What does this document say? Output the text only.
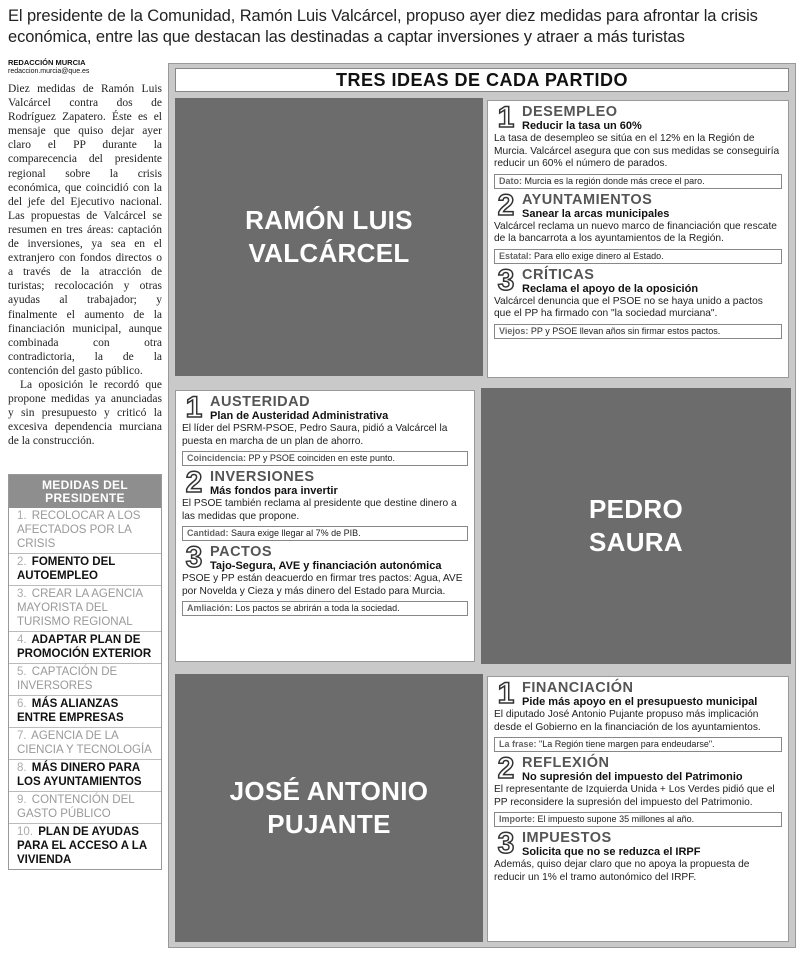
El presidente de la Comunidad, Ramón Luis Valcárcel, propuso ayer diez medidas para afrontar la crisis económica, entre las que destacan las destinadas a captar inversiones y atraer a más turistas
REDACCIÓN MURCIA
redaccion.murcia@que.es

Diez medidas de Ramón Luis Valcárcel contra dos de Rodríguez Zapatero. Éste es el mensaje que quiso dejar ayer claro el PP durante la comparecencia del presidente regional sobre la crisis económica, que coincidió con la del jefe del Ejecutivo nacional. Las propuestas de Valcárcel se resumen en tres áreas: captación de inversiones, ya sea en el extranjero con fondos directos o a través de la atracción de turistas; recolocación y otras ayudas al trabajador; y finalmente el aumento de la financiación municipal, aunque combinada con otra contradictoria, la de la contención del gasto público.

La oposición le recordó que propone medidas ya anunciadas y sin presupuesto y criticó la excesiva dependencia murciana de la construcción.

MEDIDAS DEL PRESIDENTE
1. RECOLOCAR A LOS AFECTADOS POR LA CRISIS
2. FOMENTO DEL AUTOEMPLEO
3. CREAR LA AGENCIA MAYORISTA DEL TURISMO REGIONAL
4. ADAPTAR PLAN DE PROMOCIÓN EXTERIOR
5. CAPTACIÓN DE INVERSORES
6. MÁS ALIANZAS ENTRE EMPRESAS
7. AGENCIA DE LA CIENCIA Y TECNOLOGÍA
8. MÁS DINERO PARA LOS AYUNTAMIENTOS
9. CONTENCIÓN DEL GASTO PÚBLICO
10. PLAN DE AYUDAS PARA EL ACCESO A LA VIVIENDA
TRES IDEAS DE CADA PARTIDO
RAMÓN LUIS
VALCÁRCEL
1 DESEMPLEO
Reducir la tasa un 60%
La tasa de desempleo se sitúa en el 12% en la Región de Murcia. Valcárcel asegura que con sus medidas se conseguiría reducir un 60% el número de parados.
Dato: Murcia es la región donde más crece el paro.
2 AYUNTAMIENTOS
Sanear la arcas municipales
Valcárcel reclama un nuevo marco de financiación que rescate de la bancarrota a los ayuntamientos de la Región.
Estatal: Para ello exige dinero al Estado.
3 CRÍTICAS
Reclama el apoyo de la oposición
Valcárcel denuncia que el PSOE no se haya unido a pactos que el PP ha firmado con "la sociedad murciana".
Viejos: PP y PSOE llevan años sin firmar estos pactos.
1 AUSTERIDAD
Plan de Austeridad Administrativa
El líder del PSRM-PSOE, Pedro Saura, pidió a Valcárcel la puesta en marcha de un plan de ahorro.
Coincidencia: PP y PSOE coinciden en este punto.
2 INVERSIONES
Más fondos para invertir
El PSOE también reclama al presidente que destine dinero a las medidas que propone.
Cantidad: Saura exige llegar al 7% de PIB.
3 PACTOS
Tajo-Segura, AVE y financiación autonómica
PSOE y PP están deacuerdo en firmar tres pactos: Agua, AVE por Novelda y Cieza y más dinero del Estado para Murcia.
Amliación: Los pactos se abrirán a toda la sociedad.
PEDRO
SAURA
JOSÉ ANTONIO
PUJANTE
1 FINANCIACIÓN
Pide más apoyo en el presupuesto municipal
El diputado José Antonio Pujante propuso más implicación desde el Gobierno en la financiación de los ayuntamientos.
La frase: "La Región tiene margen para endeudarse".
2 REFLEXIÓN
No supresión del impuesto del Patrimonio
El representante de Izquierda Unida + Los Verdes pidió que el PP reconsidere la supresión del impuesto del Patrimonio.
Importe: El impuesto supone 35 millones al año.
3 IMPUESTOS
Solicita que no se reduzca el IRPF
Además, quiso dejar claro que no apoya la propuesta de reducir un 1% el tramo autonómico del IRPF.
